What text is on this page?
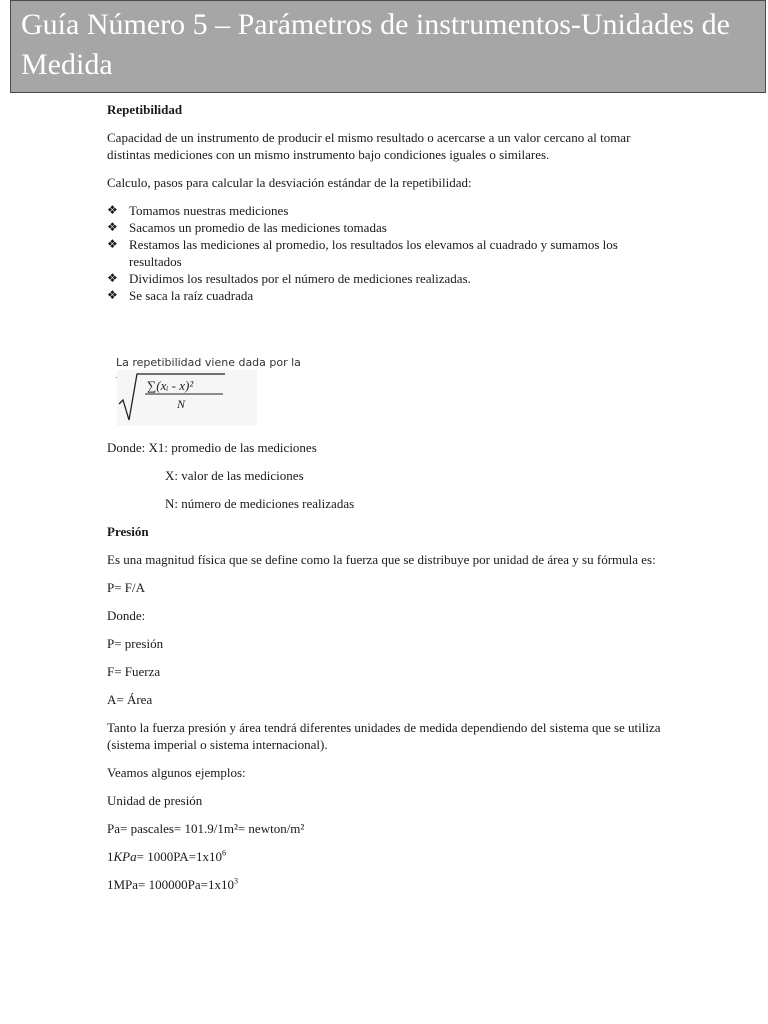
Guía Número 5 – Parámetros de instrumentos-Unidades de Medida

Repetibilidad

Capacidad de un instrumento de producir el mismo resultado o acercarse a un valor cercano al tomar distintas mediciones con un mismo instrumento bajo condiciones iguales o similares.

Calculo, pasos para calcular la desviación estándar de la repetibilidad:

❖ Tomamos nuestras mediciones
❖ Sacamos un promedio de las mediciones tomadas
❖ Restamos las mediciones al promedio, los resultados los elevamos al cuadrado y sumamos los resultados
❖ Dividimos los resultados por el número de mediciones realizadas.
❖ Se saca la raíz cuadrada
La repetibilidad viene dada por la
∑(xᵢ - x)²
N

Donde: X1: promedio de las mediciones

X: valor de las mediciones

N: número de mediciones realizadas

Presión

Es una magnitud física que se define como la fuerza que se distribuye por unidad de área y su fórmula es:

P= F/A

Donde:

P= presión

F= Fuerza

A= Área

Tanto la fuerza presión y área tendrá diferentes unidades de medida dependiendo del sistema que se utiliza (sistema imperial o sistema internacional).

Veamos algunos ejemplos:

Unidad de presión

Pa= pascales= 101.9/1m²= newton/m²

$1KPa= 1000PA=1x10^6$

$1MPa= 100000Pa=1x10^3$
